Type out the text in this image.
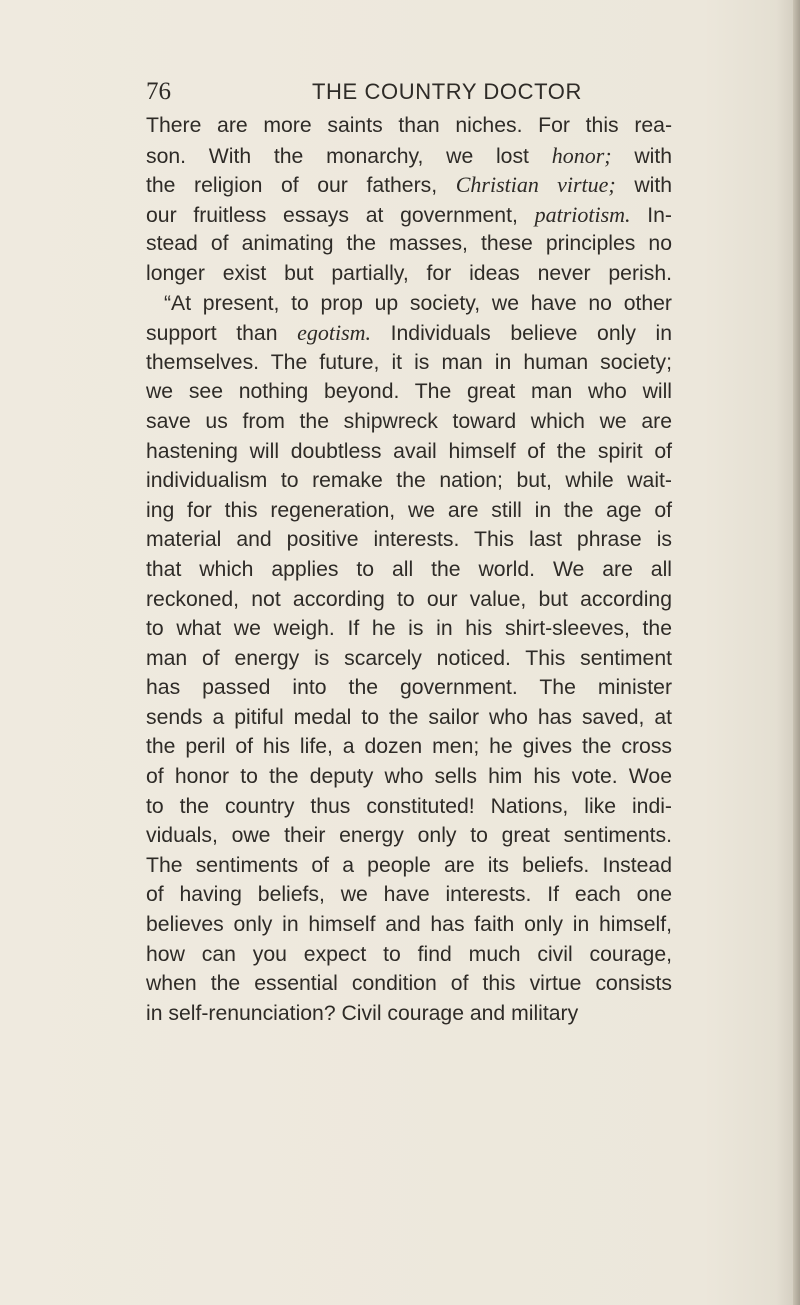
76	THE COUNTRY DOCTOR
There are more saints than niches. For this rea-
son. With the monarchy, we lost honor; with
the religion of our fathers, Christian virtue; with
our fruitless essays at government, patriotism. In-
stead of animating the masses, these principles no
longer exist but partially, for ideas never perish.
“At present, to prop up society, we have no other
support than egotism. Individuals believe only in
themselves. The future, it is man in human society;
we see nothing beyond. The great man who will
save us from the shipwreck toward which we are
hastening will doubtless avail himself of the spirit of
individualism to remake the nation; but, while wait-
ing for this regeneration, we are still in the age of
material and positive interests. This last phrase is
that which applies to all the world. We are all
reckoned, not according to our value, but according
to what we weigh. If he is in his shirt-sleeves, the
man of energy is scarcely noticed. This sentiment
has passed into the government. The minister
sends a pitiful medal to the sailor who has saved, at
the peril of his life, a dozen men; he gives the cross
of honor to the deputy who sells him his vote. Woe
to the country thus constituted! Nations, like indi-
viduals, owe their energy only to great sentiments.
The sentiments of a people are its beliefs. Instead
of having beliefs, we have interests. If each one
believes only in himself and has faith only in himself,
how can you expect to find much civil courage,
when the essential condition of this virtue consists
in self-renunciation? Civil courage and military
